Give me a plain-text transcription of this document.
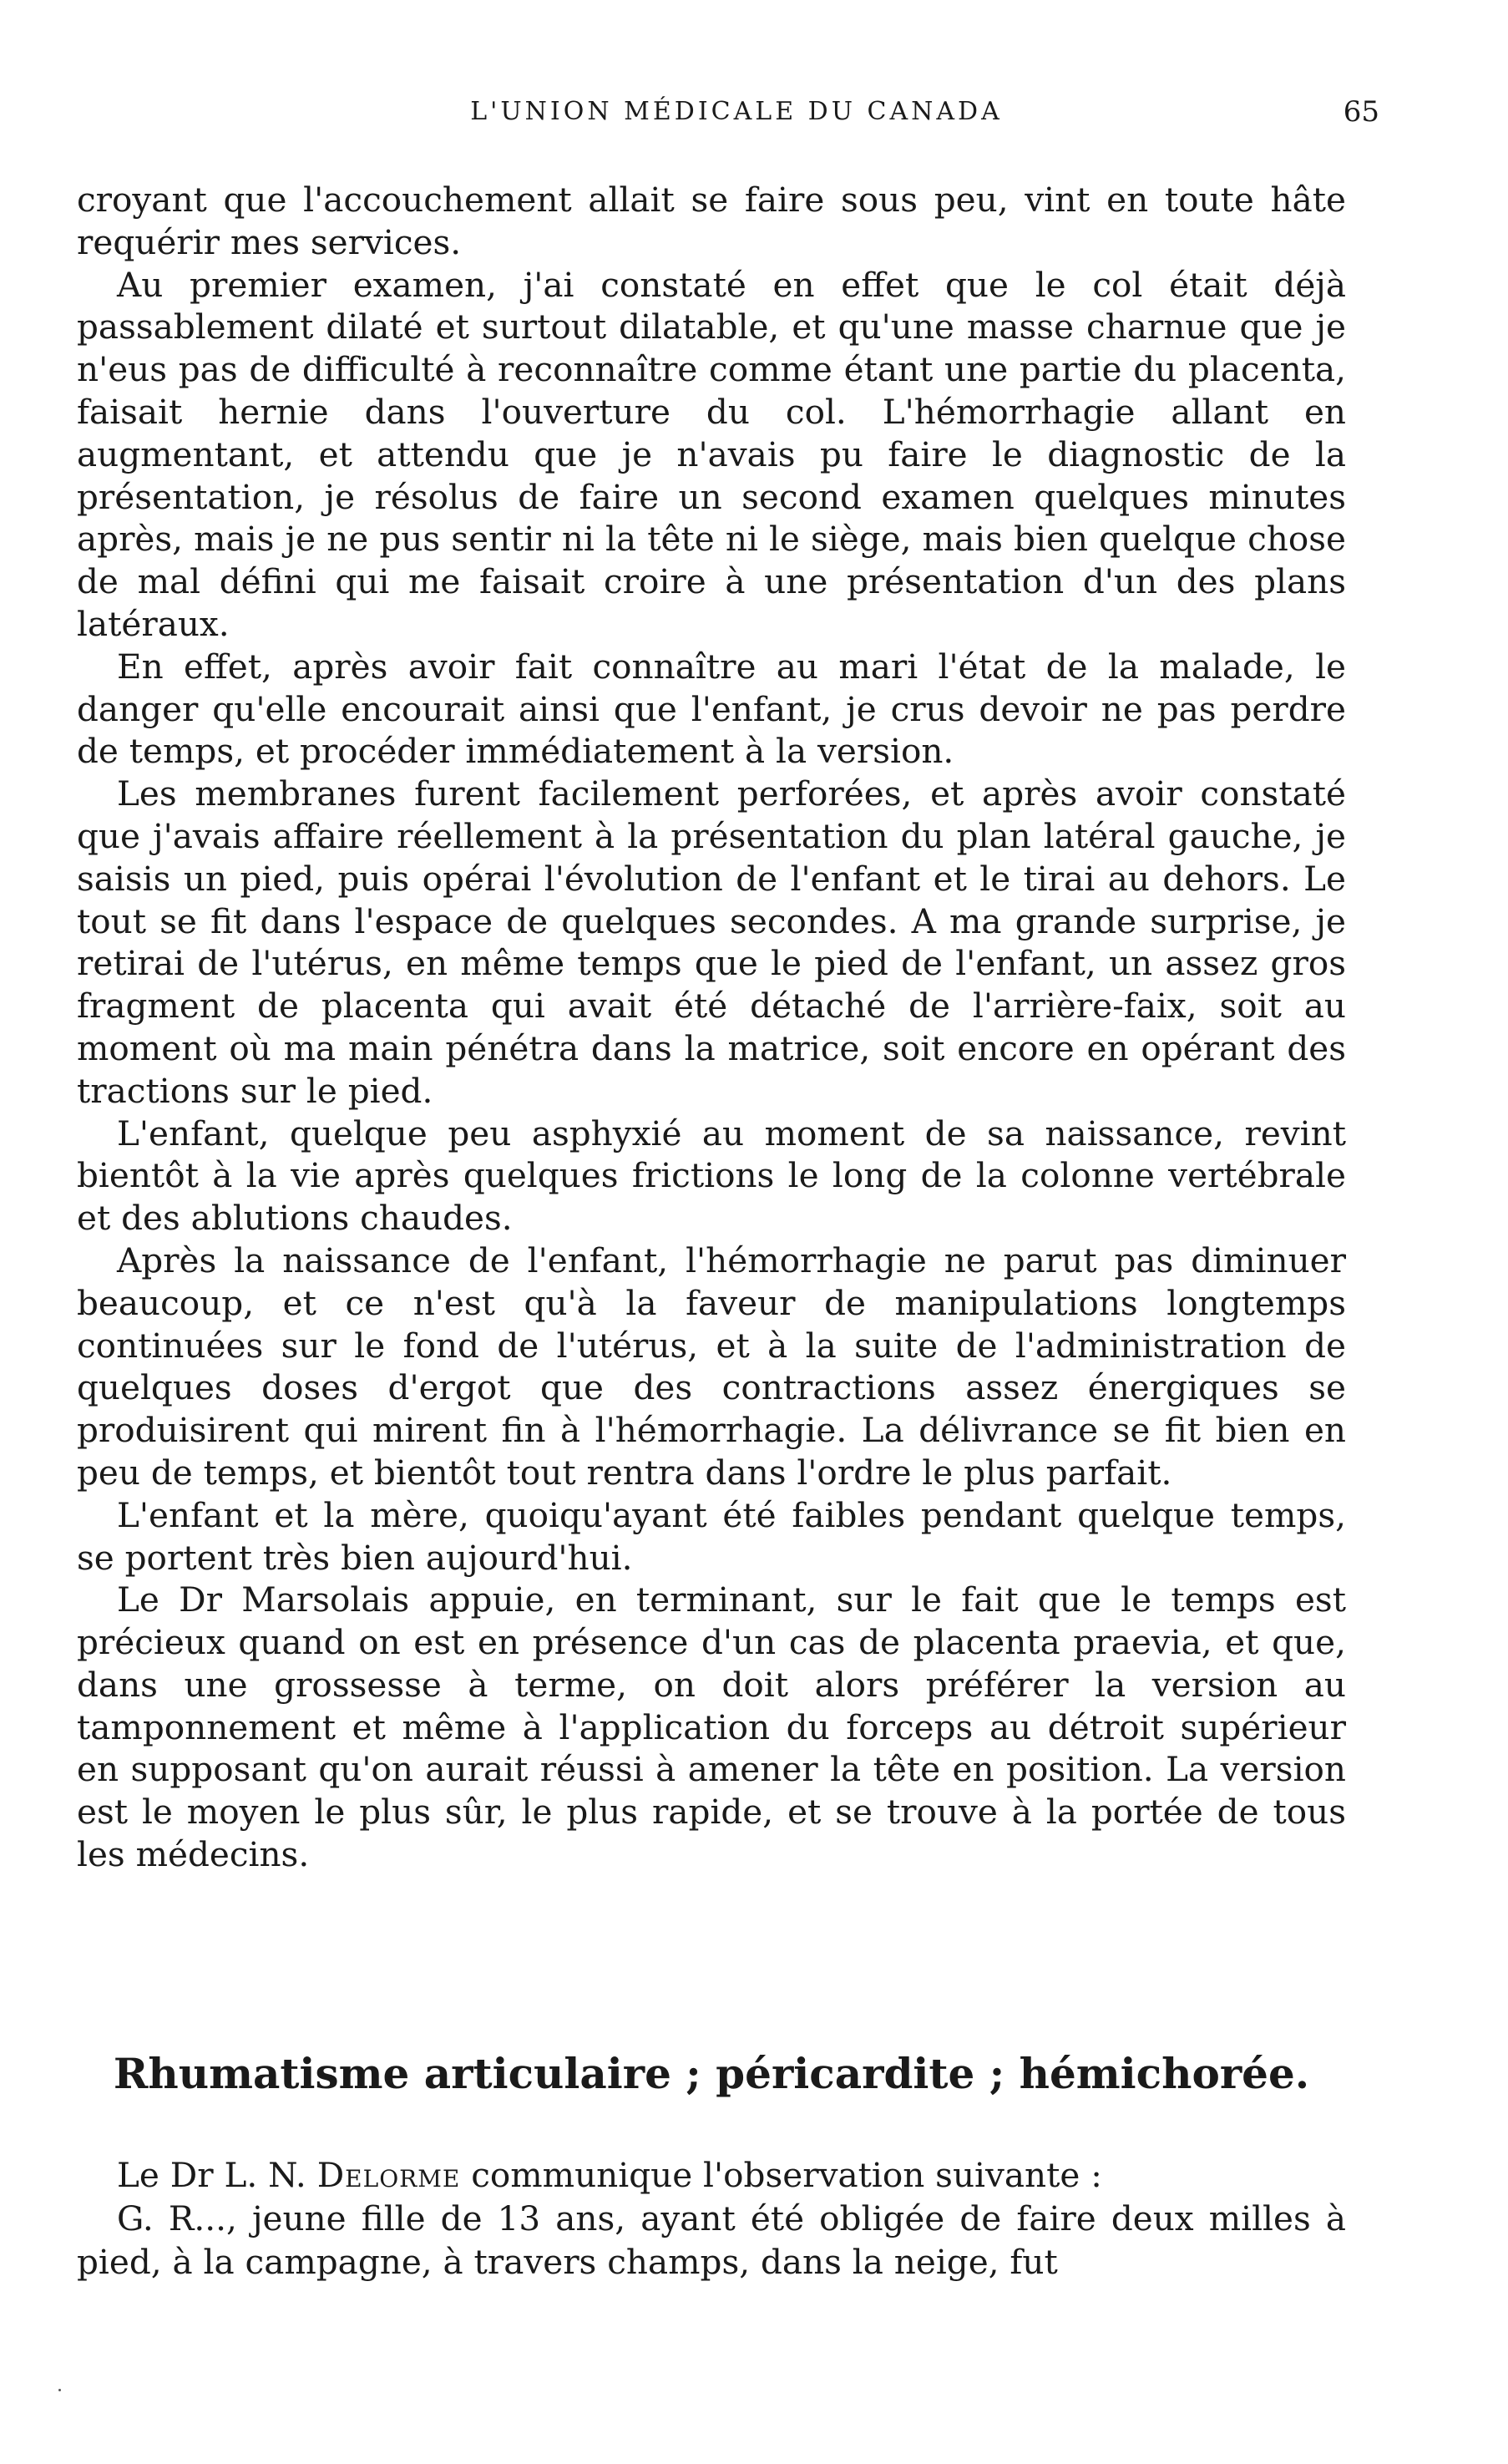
L'UNION MÉDICALE DU CANADA	65

croyant que l'accouchement allait se faire sous peu, vint en toute hâte requérir mes services.

Au premier examen, j'ai constaté en effet que le col était déjà passablement dilaté et surtout dilatable, et qu'une masse charnue que je n'eus pas de difficulté à reconnaître comme étant une partie du placenta, faisait hernie dans l'ouverture du col. L'hémorrhagie allant en augmentant, et attendu que je n'avais pu faire le diagnostic de la présentation, je résolus de faire un second examen quelques minutes après, mais je ne pus sentir ni la tête ni le siège, mais bien quelque chose de mal défini qui me faisait croire à une présentation d'un des plans latéraux.

En effet, après avoir fait connaître au mari l'état de la malade, le danger qu'elle encourait ainsi que l'enfant, je crus devoir ne pas perdre de temps, et procéder immédiatement à la version.

Les membranes furent facilement perforées, et après avoir constaté que j'avais affaire réellement à la présentation du plan latéral gauche, je saisis un pied, puis opérai l'évolution de l'enfant et le tirai au dehors. Le tout se fit dans l'espace de quelques secondes. A ma grande surprise, je retirai de l'utérus, en même temps que le pied de l'enfant, un assez gros fragment de placenta qui avait été détaché de l'arrière-faix, soit au moment où ma main pénétra dans la matrice, soit encore en opérant des tractions sur le pied.

L'enfant, quelque peu asphyxié au moment de sa naissance, revint bientôt à la vie après quelques frictions le long de la colonne vertébrale et des ablutions chaudes.

Après la naissance de l'enfant, l'hémorrhagie ne parut pas diminuer beaucoup, et ce n'est qu'à la faveur de manipulations longtemps continuées sur le fond de l'utérus, et à la suite de l'administration de quelques doses d'ergot que des contractions assez énergiques se produisirent qui mirent fin à l'hémorrhagie. La délivrance se fit bien en peu de temps, et bientôt tout rentra dans l'ordre le plus parfait.

L'enfant et la mère, quoiqu'ayant été faibles pendant quelque temps, se portent très bien aujourd'hui.

Le Dr Marsolais appuie, en terminant, sur le fait que le temps est précieux quand on est en présence d'un cas de placenta praevia, et que, dans une grossesse à terme, on doit alors préférer la version au tamponnement et même à l'application du forceps au détroit supérieur en supposant qu'on aurait réussi à amener la tête en position. La version est le moyen le plus sûr, le plus rapide, et se trouve à la portée de tous les médecins.

Rhumatisme articulaire ; péricardite ; hémichorée.

Le Dr L. N. Delorme communique l'observation suivante :

G. R..., jeune fille de 13 ans, ayant été obligée de faire deux milles à pied, à la campagne, à travers champs, dans la neige, fut
